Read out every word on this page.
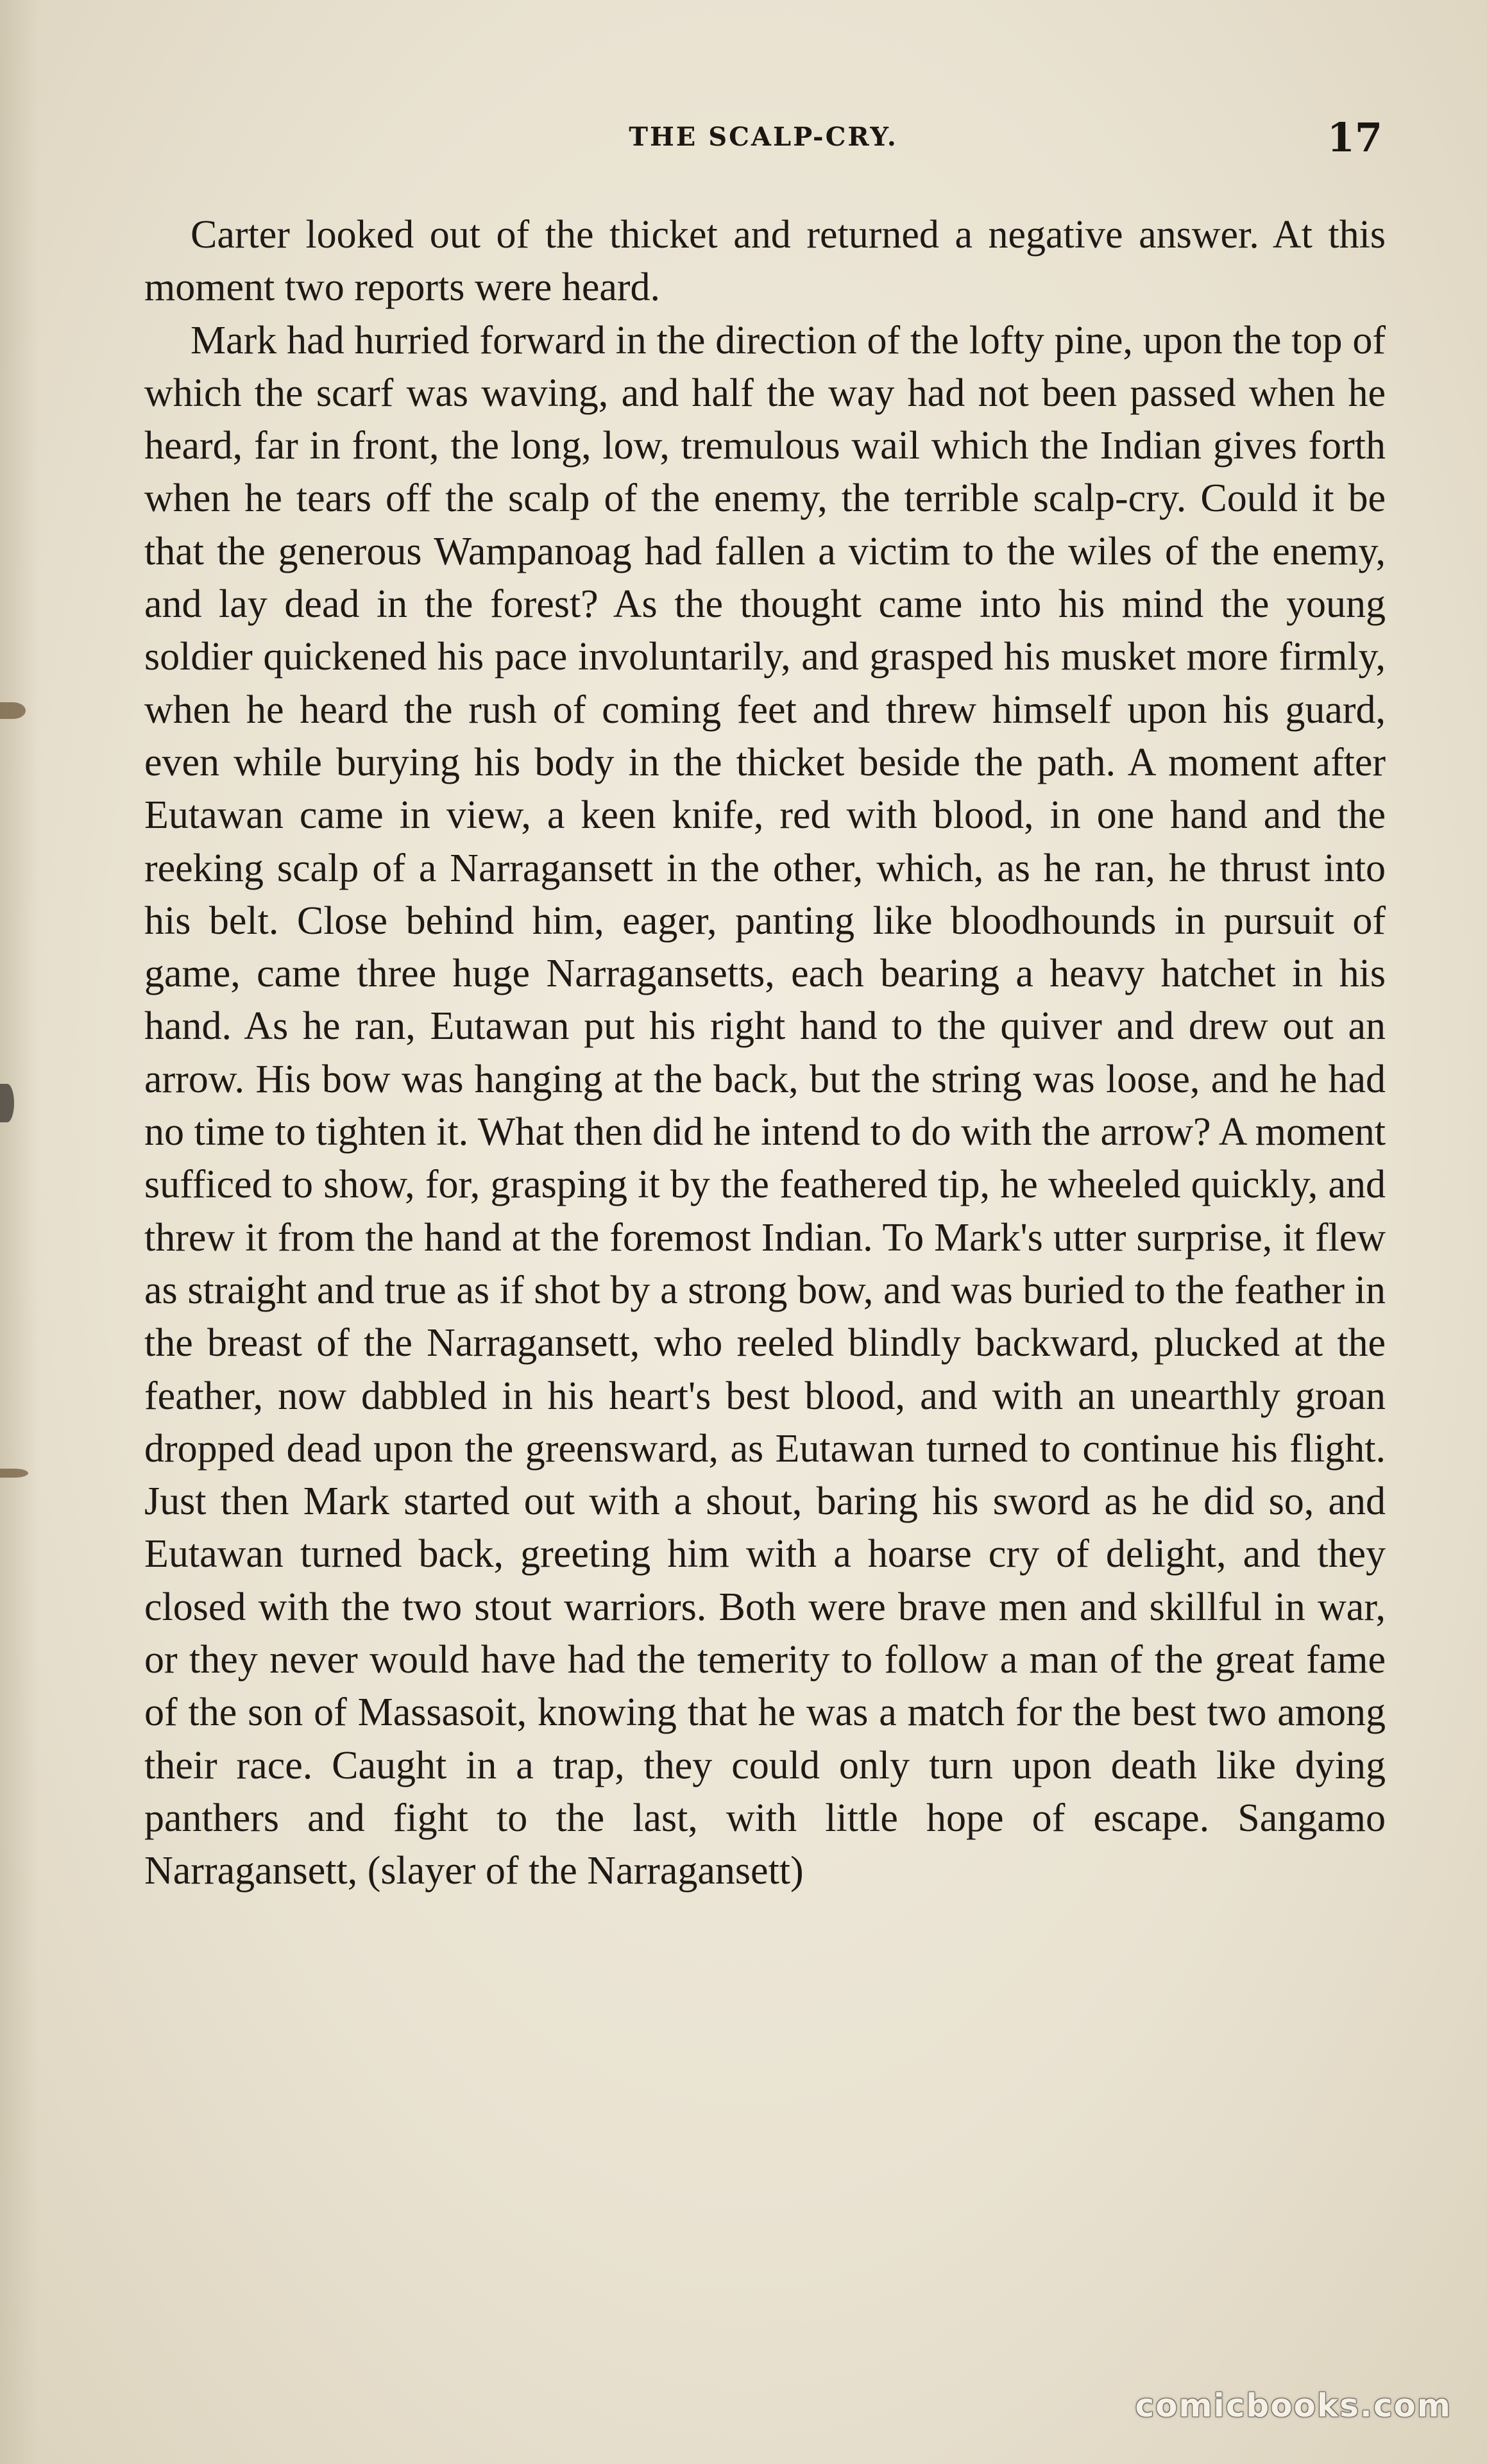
THE SCALP-CRY.	17

Carter looked out of the thicket and returned a negative answer. At this moment two reports were heard.

Mark had hurried forward in the direction of the lofty pine, upon the top of which the scarf was waving, and half the way had not been passed when he heard, far in front, the long, low, tremulous wail which the Indian gives forth when he tears off the scalp of the enemy, the terrible scalp-cry. Could it be that the generous Wampanoag had fallen a victim to the wiles of the enemy, and lay dead in the forest? As the thought came into his mind the young soldier quickened his pace involuntarily, and grasped his musket more firmly, when he heard the rush of coming feet and threw himself upon his guard, even while burying his body in the thicket beside the path. A moment after Eutawan came in view, a keen knife, red with blood, in one hand and the reeking scalp of a Narragansett in the other, which, as he ran, he thrust into his belt. Close behind him, eager, panting like bloodhounds in pursuit of game, came three huge Narragansetts, each bearing a heavy hatchet in his hand. As he ran, Eutawan put his right hand to the quiver and drew out an arrow. His bow was hanging at the back, but the string was loose, and he had no time to tighten it. What then did he intend to do with the arrow? A moment sufficed to show, for, grasping it by the feathered tip, he wheeled quickly, and threw it from the hand at the foremost Indian. To Mark's utter surprise, it flew as straight and true as if shot by a strong bow, and was buried to the feather in the breast of the Narragansett, who reeled blindly backward, plucked at the feather, now dabbled in his heart's best blood, and with an unearthly groan dropped dead upon the greensward, as Eutawan turned to continue his flight. Just then Mark started out with a shout, baring his sword as he did so, and Eutawan turned back, greeting him with a hoarse cry of delight, and they closed with the two stout warriors. Both were brave men and skillful in war, or they never would have had the temerity to follow a man of the great fame of the son of Massasoit, knowing that he was a match for the best two among their race. Caught in a trap, they could only turn upon death like dying panthers and fight to the last, with little hope of escape. Sangamo Narragansett, (slayer of the Narragansett)

comicbooks.com
